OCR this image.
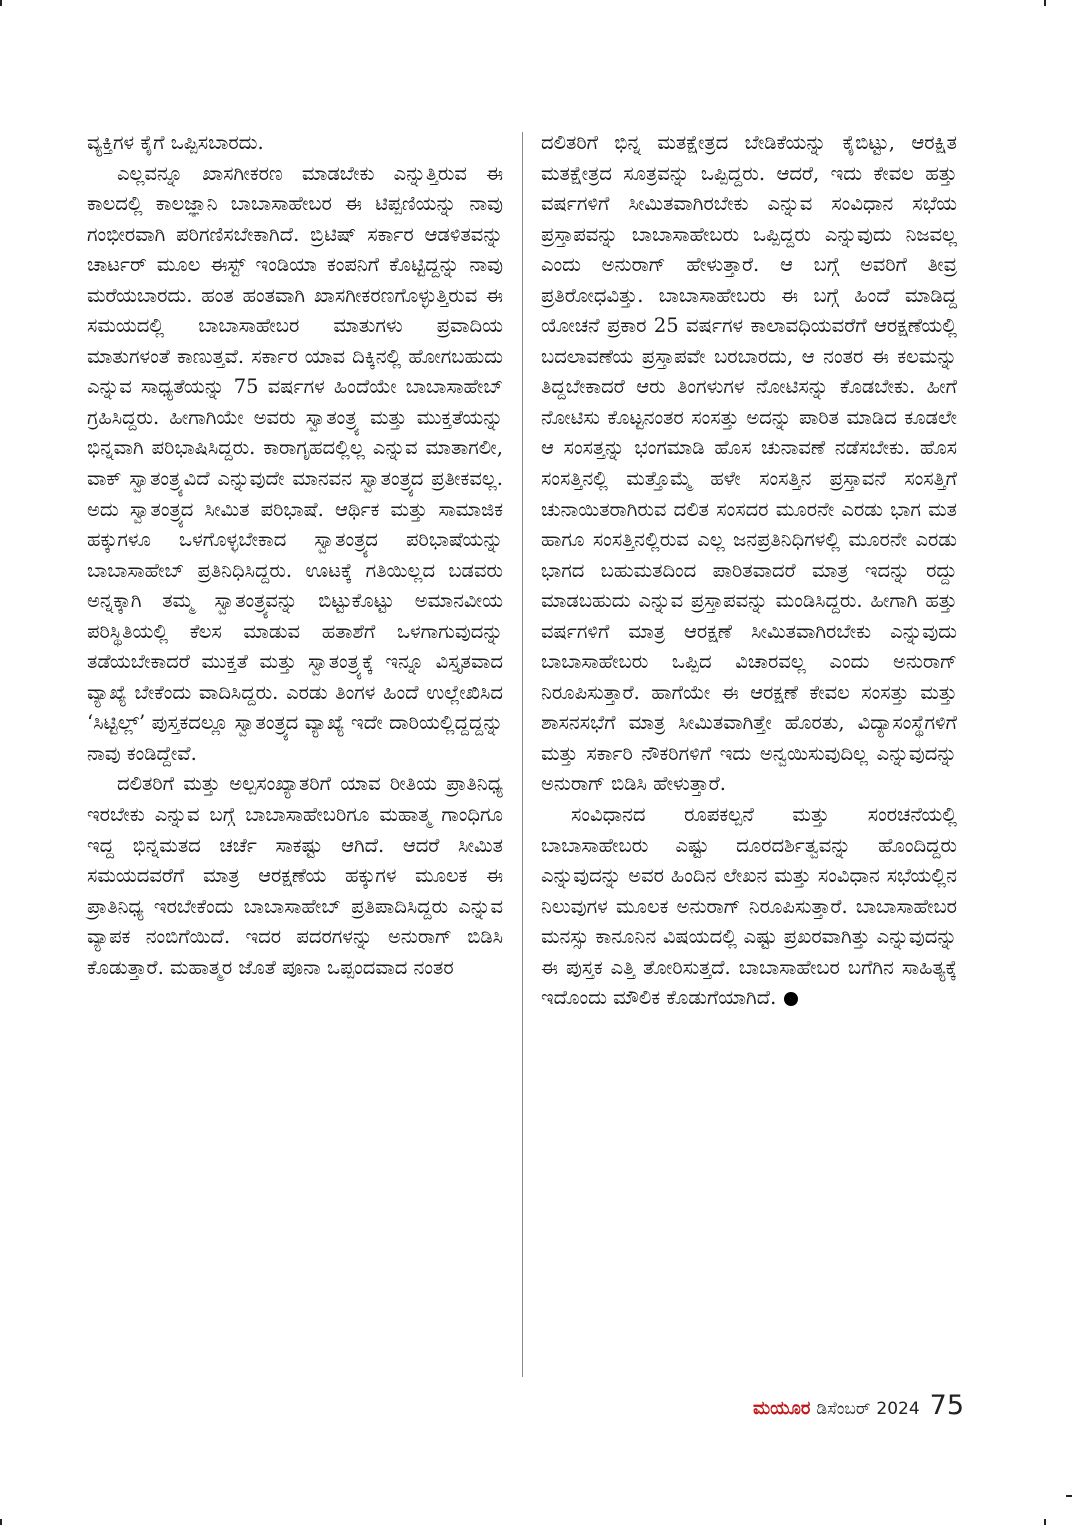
ವ್ಯಕ್ತಿಗಳ ಕೈಗೆ ಒಪ್ಪಿಸಬಾರದು.

ಎಲ್ಲವನ್ನೂ ಖಾಸಗೀಕರಣ ಮಾಡಬೇಕು ಎನ್ನುತ್ತಿರುವ ಈ ಕಾಲದಲ್ಲಿ ಕಾಲಜ್ಞಾನಿ ಬಾಬಾಸಾಹೇಬರ ಈ ಟಿಪ್ಪಣಿಯನ್ನು ನಾವು ಗಂಭೀರವಾಗಿ ಪರಿಗಣಿಸಬೇಕಾಗಿದೆ. ಬ್ರಿಟಿಷ್ ಸರ್ಕಾರ ಆಡಳಿತವನ್ನು ಚಾರ್ಟರ್ ಮೂಲ ಈಸ್ಟ್ ಇಂಡಿಯಾ ಕಂಪನಿಗೆ ಕೊಟ್ಟಿದ್ದನ್ನು ನಾವು ಮರೆಯಬಾರದು. ಹಂತ ಹಂತವಾಗಿ ಖಾಸಗೀಕರಣಗೊಳ್ಳುತ್ತಿರುವ ಈ ಸಮಯದಲ್ಲಿ ಬಾಬಾಸಾಹೇಬರ ಮಾತುಗಳು ಪ್ರವಾದಿಯ ಮಾತುಗಳಂತೆ ಕಾಣುತ್ತವೆ. ಸರ್ಕಾರ ಯಾವ ದಿಕ್ಕಿನಲ್ಲಿ ಹೋಗಬಹುದು ಎನ್ನುವ ಸಾಧ್ಯತೆಯನ್ನು 75 ವರ್ಷಗಳ ಹಿಂದೆಯೇ ಬಾಬಾಸಾಹೇಬ್ ಗ್ರಹಿಸಿದ್ದರು. ಹೀಗಾಗಿಯೇ ಅವರು ಸ್ವಾತಂತ್ರ್ಯ ಮತ್ತು ಮುಕ್ತತೆಯನ್ನು ಭಿನ್ನವಾಗಿ ಪರಿಭಾಷಿಸಿದ್ದರು. ಕಾರಾಗೃಹದಲ್ಲಿಲ್ಲ ಎನ್ನುವ ಮಾತಾಗಲೀ, ವಾಕ್ ಸ್ವಾತಂತ್ರ್ಯವಿದೆ ಎನ್ನುವುದೇ ಮಾನವನ ಸ್ವಾತಂತ್ರ್ಯದ ಪ್ರತೀಕವಲ್ಲ. ಅದು ಸ್ವಾತಂತ್ರ್ಯದ ಸೀಮಿತ ಪರಿಭಾಷೆ. ಆರ್ಥಿಕ ಮತ್ತು ಸಾಮಾಜಿಕ ಹಕ್ಕುಗಳೂ ಒಳಗೊಳ್ಳಬೇಕಾದ ಸ್ವಾತಂತ್ರ್ಯದ ಪರಿಭಾಷೆಯನ್ನು ಬಾಬಾಸಾಹೇಬ್ ಪ್ರತಿನಿಧಿಸಿದ್ದರು. ಊಟಕ್ಕೆ ಗತಿಯಿಲ್ಲದ ಬಡವರು ಅನ್ನಕ್ಕಾಗಿ ತಮ್ಮ ಸ್ವಾತಂತ್ರ್ಯವನ್ನು ಬಿಟ್ಟುಕೊಟ್ಟು ಅಮಾನವೀಯ ಪರಿಸ್ಥಿತಿಯಲ್ಲಿ ಕೆಲಸ ಮಾಡುವ ಹತಾಶೆಗೆ ಒಳಗಾಗುವುದನ್ನು ತಡೆಯಬೇಕಾದರೆ ಮುಕ್ತತೆ ಮತ್ತು ಸ್ವಾತಂತ್ರ್ಯಕ್ಕೆ ಇನ್ನೂ ವಿಸ್ತೃತವಾದ ವ್ಯಾಖ್ಯೆ ಬೇಕೆಂದು ವಾದಿಸಿದ್ದರು. ಎರಡು ತಿಂಗಳ ಹಿಂದೆ ಉಲ್ಲೇಖಿಸಿದ ‘ಸಿಟ್ಟಿಲ್ಲ್’ ಪುಸ್ತಕದಲ್ಲೂ ಸ್ವಾತಂತ್ರ್ಯದ ವ್ಯಾಖ್ಯೆ ಇದೇ ದಾರಿಯಲ್ಲಿದ್ದದ್ದನ್ನು ನಾವು ಕಂಡಿದ್ದೇವೆ.

ದಲಿತರಿಗೆ ಮತ್ತು ಅಲ್ಪಸಂಖ್ಯಾತರಿಗೆ ಯಾವ ರೀತಿಯ ಪ್ರಾತಿನಿಧ್ಯ ಇರಬೇಕು ಎನ್ನುವ ಬಗ್ಗೆ ಬಾಬಾಸಾಹೇಬರಿಗೂ ಮಹಾತ್ಮ ಗಾಂಧಿಗೂ ಇದ್ದ ಭಿನ್ನಮತದ ಚರ್ಚೆ ಸಾಕಷ್ಟು ಆಗಿದೆ. ಆದರೆ ಸೀಮಿತ ಸಮಯದವರೆಗೆ ಮಾತ್ರ ಆರಕ್ಷಣೆಯ ಹಕ್ಕುಗಳ ಮೂಲಕ ಈ ಪ್ರಾತಿನಿಧ್ಯ ಇರಬೇಕೆಂದು ಬಾಬಾಸಾಹೇಬ್ ಪ್ರತಿಪಾದಿಸಿದ್ದರು ಎನ್ನುವ ವ್ಯಾಪಕ ನಂಬಿಗೆಯಿದೆ. ಇದರ ಪದರಗಳನ್ನು ಅನುರಾಗ್ ಬಿಡಿಸಿ ಕೊಡುತ್ತಾರೆ. ಮಹಾತ್ಮರ ಜೊತೆ ಪೂನಾ ಒಪ್ಪಂದವಾದ ನಂತರ

ದಲಿತರಿಗೆ ಭಿನ್ನ ಮತಕ್ಷೇತ್ರದ ಬೇಡಿಕೆಯನ್ನು ಕೈಬಿಟ್ಟು, ಆರಕ್ಷಿತ ಮತಕ್ಷೇತ್ರದ ಸೂತ್ರವನ್ನು ಒಪ್ಪಿದ್ದರು. ಆದರೆ, ಇದು ಕೇವಲ ಹತ್ತು ವರ್ಷಗಳಿಗೆ ಸೀಮಿತವಾಗಿರಬೇಕು ಎನ್ನುವ ಸಂವಿಧಾನ ಸಭೆಯ ಪ್ರಸ್ತಾಪವನ್ನು ಬಾಬಾಸಾಹೇಬರು ಒಪ್ಪಿದ್ದರು ಎನ್ನುವುದು ನಿಜವಲ್ಲ ಎಂದು ಅನುರಾಗ್ ಹೇಳುತ್ತಾರೆ. ಆ ಬಗ್ಗೆ ಅವರಿಗೆ ತೀವ್ರ ಪ್ರತಿರೋಧವಿತ್ತು. ಬಾಬಾಸಾಹೇಬರು ಈ ಬಗ್ಗೆ ಹಿಂದೆ ಮಾಡಿದ್ದ ಯೋಚನೆ ಪ್ರಕಾರ 25 ವರ್ಷಗಳ ಕಾಲಾವಧಿಯವರೆಗೆ ಆರಕ್ಷಣೆಯಲ್ಲಿ ಬದಲಾವಣೆಯ ಪ್ರಸ್ತಾಪವೇ ಬರಬಾರದು, ಆ ನಂತರ ಈ ಕಲಮನ್ನು ತಿದ್ದಬೇಕಾದರೆ ಆರು ತಿಂಗಳುಗಳ ನೋಟಿಸನ್ನು ಕೊಡಬೇಕು. ಹೀಗೆ ನೋಟಿಸು ಕೊಟ್ಟನಂತರ ಸಂಸತ್ತು ಅದನ್ನು ಪಾರಿತ ಮಾಡಿದ ಕೂಡಲೇ ಆ ಸಂಸತ್ತನ್ನು ಭಂಗಮಾಡಿ ಹೊಸ ಚುನಾವಣೆ ನಡೆಸಬೇಕು. ಹೊಸ ಸಂಸತ್ತಿನಲ್ಲಿ ಮತ್ತೊಮ್ಮೆ ಹಳೇ ಸಂಸತ್ತಿನ ಪ್ರಸ್ತಾವನೆ ಸಂಸತ್ತಿಗೆ ಚುನಾಯಿತರಾಗಿರುವ ದಲಿತ ಸಂಸದರ ಮೂರನೇ ಎರಡು ಭಾಗ ಮತ ಹಾಗೂ ಸಂಸತ್ತಿನಲ್ಲಿರುವ ಎಲ್ಲ ಜನಪ್ರತಿನಿಧಿಗಳಲ್ಲಿ ಮೂರನೇ ಎರಡು ಭಾಗದ ಬಹುಮತದಿಂದ ಪಾರಿತವಾದರೆ ಮಾತ್ರ ಇದನ್ನು ರದ್ದು ಮಾಡಬಹುದು ಎನ್ನುವ ಪ್ರಸ್ತಾಪವನ್ನು ಮಂಡಿಸಿದ್ದರು. ಹೀಗಾಗಿ ಹತ್ತು ವರ್ಷಗಳಿಗೆ ಮಾತ್ರ ಆರಕ್ಷಣೆ ಸೀಮಿತವಾಗಿರಬೇಕು ಎನ್ನುವುದು ಬಾಬಾಸಾಹೇಬರು ಒಪ್ಪಿದ ವಿಚಾರವಲ್ಲ ಎಂದು ಅನುರಾಗ್ ನಿರೂಪಿಸುತ್ತಾರೆ. ಹಾಗೆಯೇ ಈ ಆರಕ್ಷಣೆ ಕೇವಲ ಸಂಸತ್ತು ಮತ್ತು ಶಾಸನಸಭೆಗೆ ಮಾತ್ರ ಸೀಮಿತವಾಗಿತ್ತೇ ಹೊರತು, ವಿದ್ಯಾಸಂಸ್ಥೆಗಳಿಗೆ ಮತ್ತು ಸರ್ಕಾರಿ ನೌಕರಿಗಳಿಗೆ ಇದು ಅನ್ವಯಿಸುವುದಿಲ್ಲ ಎನ್ನುವುದನ್ನು ಅನುರಾಗ್ ಬಿಡಿಸಿ ಹೇಳುತ್ತಾರೆ.

ಸಂವಿಧಾನದ ರೂಪಕಲ್ಪನೆ ಮತ್ತು ಸಂರಚನೆಯಲ್ಲಿ ಬಾಬಾಸಾಹೇಬರು ಎಷ್ಟು ದೂರದರ್ಶಿತ್ವವನ್ನು ಹೊಂದಿದ್ದರು ಎನ್ನುವುದನ್ನು ಅವರ ಹಿಂದಿನ ಲೇಖನ ಮತ್ತು ಸಂವಿಧಾನ ಸಭೆಯಲ್ಲಿನ ನಿಲುವುಗಳ ಮೂಲಕ ಅನುರಾಗ್ ನಿರೂಪಿಸುತ್ತಾರೆ. ಬಾಬಾಸಾಹೇಬರ ಮನಸ್ಸು ಕಾನೂನಿನ ವಿಷಯದಲ್ಲಿ ಎಷ್ಟು ಪ್ರಖರವಾಗಿತ್ತು ಎನ್ನುವುದನ್ನು ಈ ಪುಸ್ತಕ ಎತ್ತಿ ತೋರಿಸುತ್ತದೆ. ಬಾಬಾಸಾಹೇಬರ ಬಗೆಗಿನ ಸಾಹಿತ್ಯಕ್ಕೆ ಇದೊಂದು ಮೌಲಿಕ ಕೊಡುಗೆಯಾಗಿದೆ.

ಮಯೂರ ಡಿಸೆಂಬರ್ 2024 75
